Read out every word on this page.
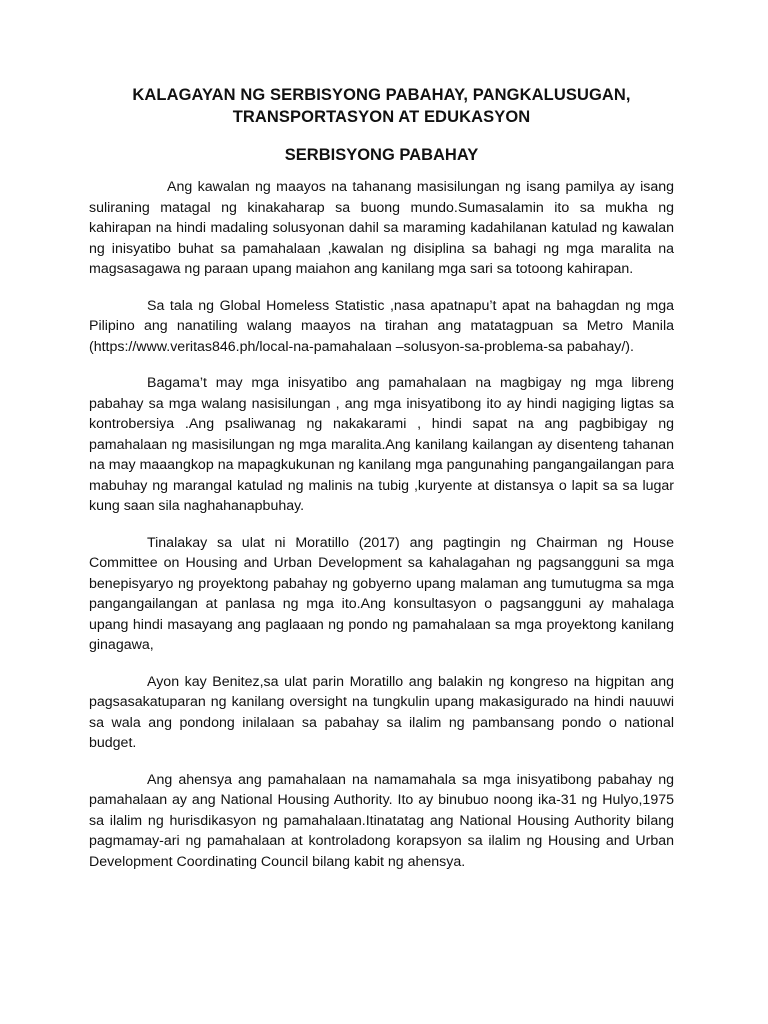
KALAGAYAN NG SERBISYONG PABAHAY, PANGKALUSUGAN,
TRANSPORTASYON AT EDUKASYON
SERBISYONG PABAHAY

Ang kawalan ng maayos na tahanang masisilungan ng isang pamilya ay isang suliraning matagal ng kinakaharap sa buong mundo.Sumasalamin ito sa mukha ng kahirapan na hindi madaling solusyonan dahil sa maraming kadahilanan katulad ng kawalan ng inisyatibo buhat sa pamahalaan ,kawalan ng disiplina sa bahagi ng mga maralita na magsasagawa ng paraan upang maiahon ang kanilang mga sari sa totoong kahirapan.

Sa tala ng Global Homeless Statistic ,nasa apatnapu’t apat na bahagdan ng mga Pilipino ang nanatiling walang maayos na tirahan ang matatagpuan sa Metro Manila (https://www.veritas846.ph/local-na-pamahalaan –solusyon-sa-problema-sa pabahay/).

Bagama’t may mga inisyatibo ang pamahalaan na magbigay ng mga libreng pabahay sa mga walang nasisilungan , ang mga inisyatibong ito ay hindi nagiging ligtas sa kontrobersiya .Ang psaliwanag ng nakakarami , hindi sapat na ang pagbibigay ng pamahalaan ng masisilungan ng mga maralita.Ang kanilang kailangan ay disenteng tahanan na may maaangkop na mapagkukunan ng kanilang mga pangunahing pangangailangan para mabuhay ng marangal katulad ng malinis na tubig ,kuryente at distansya o lapit sa sa lugar kung saan sila naghahanapbuhay.

Tinalakay sa ulat ni Moratillo (2017) ang pagtingin ng Chairman ng House Committee on Housing and Urban Development sa kahalagahan ng pagsangguni sa mga benepisyaryo ng proyektong pabahay ng gobyerno upang malaman ang tumutugma sa mga pangangailangan at panlasa ng mga ito.Ang konsultasyon o pagsangguni ay mahalaga upang hindi masayang ang paglaaan ng pondo ng pamahalaan sa mga proyektong kanilang ginagawa,

Ayon kay Benitez,sa ulat parin Moratillo ang balakin ng kongreso na higpitan ang pagsasakatuparan ng kanilang oversight na tungkulin upang makasigurado na hindi nauuwi sa wala ang pondong inilalaan sa pabahay sa ilalim ng pambansang pondo o national budget.

Ang ahensya ang pamahalaan na namamahala sa mga inisyatibong pabahay ng pamahalaan ay ang National Housing Authority. Ito ay binubuo noong ika-31 ng Hulyo,1975 sa ilalim ng hurisdikasyon ng pamahalaan.Itinatatag ang National Housing Authority bilang pagmamay-ari ng pamahalaan at kontroladong korapsyon sa ilalim ng Housing and Urban Development Coordinating Council bilang kabit ng ahensya.
